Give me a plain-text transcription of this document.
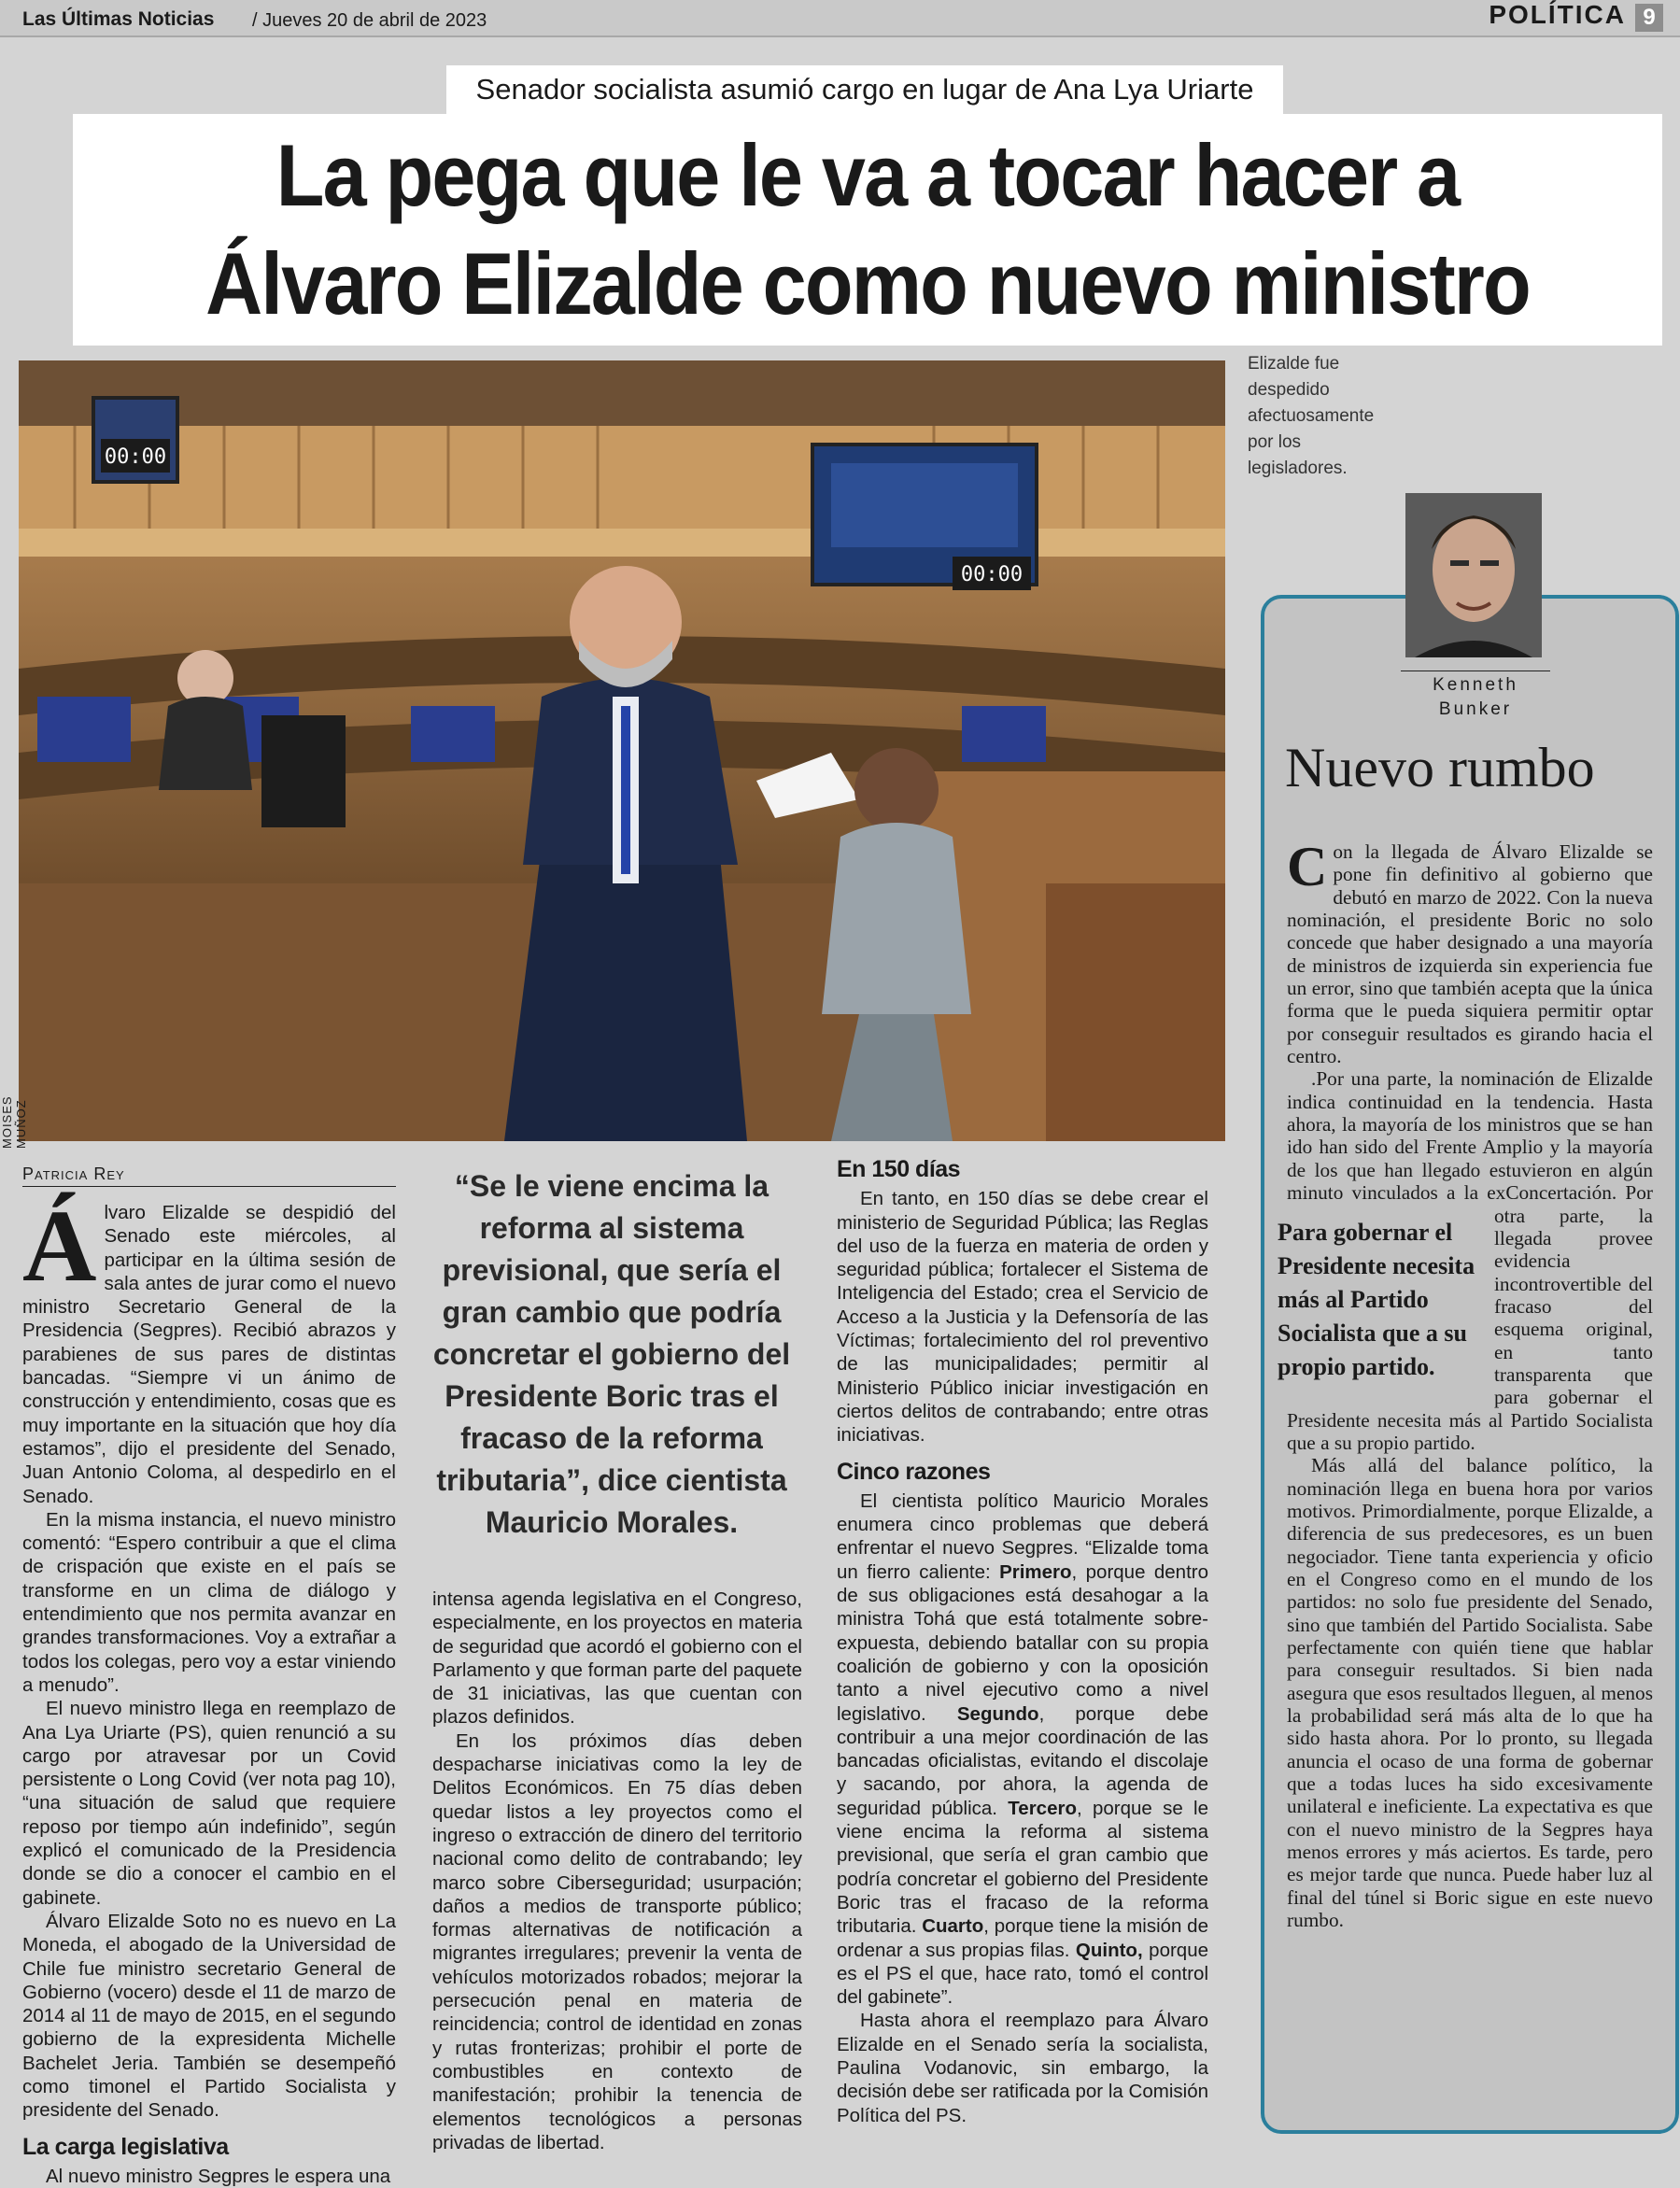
Las Últimas Noticias / Jueves 20 de abril de 2023	POLÍTICA 9
Senador socialista asumió cargo en lugar de Ana Lya Uriarte
La pega que le va a tocar hacer a Álvaro Elizalde como nuevo ministro
00:00
00:00
MOISES MUÑOZ
Elizalde fue despedido afectuosamente por los legisladores.
Patricia Rey

Álvaro Elizalde se despidió del Senado este miércoles, al participar en la última sesión de sala antes de jurar como el nuevo ministro Secretario General de la Presidencia (Segpres). Recibió abrazos y parabienes de sus pares de distintas bancadas. “Siempre vi un ánimo de construcción y entendimiento, cosas que es muy importante en la situación que hoy día estamos”, dijo el presidente del Senado, Juan Antonio Coloma, al despedirlo en el Senado.

En la misma instancia, el nuevo ministro comentó: “Espero contribuir a que el clima de crispación que existe en el país se transforme en un clima de diálogo y entendimiento que nos permita avanzar en grandes transformaciones. Voy a extrañar a todos los colegas, pero voy a estar viniendo a menudo”.

El nuevo ministro llega en reemplazo de Ana Lya Uriarte (PS), quien renunció a su cargo por atravesar por un Covid persistente o Long Covid (ver nota pag 10), “una situación de salud que requiere reposo por tiempo aún indefinido”, según explicó el comunicado de la Presidencia donde se dio a conocer el cambio en el gabinete.

Álvaro Elizalde Soto no es nuevo en La Moneda, el abogado de la Universidad de Chile fue ministro secretario General de Gobierno (vocero) desde el 11 de marzo de 2014 al 11 de mayo de 2015, en el segundo gobierno de la expresidenta Michelle Bachelet Jeria. También se desempeñó como timonel el Partido Socialista y presidente del Senado.

La carga legislativa

Al nuevo ministro Segpres le espera una

“Se le viene encima la reforma al sistema previsional, que sería el gran cambio que podría concretar el gobierno del Presidente Boric tras el fracaso de la reforma tributaria”, dice cientista Mauricio Morales.

intensa agenda legislativa en el Congreso, especialmente, en los proyectos en materia de seguridad que acordó el gobierno con el Parlamento y que forman parte del paquete de 31 iniciativas, las que cuentan con plazos definidos.

En los próximos días deben despacharse iniciativas como la ley de Delitos Económicos. En 75 días deben quedar listos a ley proyectos como el ingreso o extracción de dinero del territorio nacional como delito de contrabando; ley marco sobre Ciberseguridad; usurpación; daños a medios de transporte público; formas alternativas de notificación a migrantes irregulares; prevenir la venta de vehículos motorizados robados; mejorar la persecución penal en materia de reincidencia; control de identidad en zonas y rutas fronterizas; prohibir el porte de combustibles en contexto de manifestación; prohibir la tenencia de elementos tecnológicos a personas privadas de libertad.

En 150 días

En tanto, en 150 días se debe crear el ministerio de Seguridad Pública; las Reglas del uso de la fuerza en materia de orden y seguridad pública; fortalecer el Sistema de Inteligencia del Estado; crea el Servicio de Acceso a la Justicia y la Defensoría de las Víctimas; fortalecimiento del rol preventivo de las municipalidades; permitir al Ministerio Público iniciar investigación en ciertos delitos de contrabando; entre otras iniciativas.

Cinco razones

El cientista político Mauricio Morales enumera cinco problemas que deberá enfrentar el nuevo Segpres. “Elizalde toma un fierro caliente: Primero, porque dentro de sus obligaciones está desahogar a la ministra Tohá que está totalmente sobre-expuesta, debiendo batallar con su propia coalición de gobierno y con la oposición tanto a nivel ejecutivo como a nivel legislativo. Segundo, porque debe contribuir a una mejor coordinación de las bancadas oficialistas, evitando el discolaje y sacando, por ahora, la agenda de seguridad pública. Tercero, porque se le viene encima la reforma al sistema previsional, que sería el gran cambio que podría concretar el gobierno del Presidente Boric tras el fracaso de la reforma tributaria. Cuarto, porque tiene la misión de ordenar a sus propias filas. Quinto, porque es el PS el que, hace rato, tomó el control del gabinete”.

Hasta ahora el reemplazo para Álvaro Elizalde en el Senado sería la socialista, Paulina Vodanovic, sin embargo, la decisión debe ser ratificada por la Comisión Política del PS.

Kenneth Bunker
Nuevo rumbo

Con la llegada de Álvaro Elizalde se pone fin definitivo al gobierno que debutó en marzo de 2022. Con la nueva nominación, el presidente Boric no solo concede que haber designado a una mayoría de ministros de izquierda sin experiencia fue un error, sino que también acepta que la única forma que le pueda siquiera permitir optar por conseguir resultados es girando hacia el centro.

.Por una parte, la nominación de Elizalde indica continuidad en la tendencia. Hasta ahora, la mayoría de los ministros que se han ido han sido del Frente Amplio y la mayoría de los que han llegado estuvieron en algún minuto vinculados a la exConcertación.
Para gobernar el Presidente necesita más al Partido Socialista que a su propio partido.
Por otra parte, la llegada provee evidencia incontrovertible del fracaso del esquema original, en tanto transparenta que para gobernar el Presidente necesita más al Partido Socialista que a su propio partido.

Más allá del balance político, la nominación llega en buena hora por varios motivos. Primordialmente, porque Elizalde, a diferencia de sus predecesores, es un buen negociador. Tiene tanta experiencia y oficio en el Congreso como en el mundo de los partidos: no solo fue presidente del Senado, sino que también del Partido Socialista. Sabe perfectamente con quién tiene que hablar para conseguir resultados. Si bien nada asegura que esos resultados lleguen, al menos la probabilidad será más alta de lo que ha sido hasta ahora. Por lo pronto, su llegada anuncia el ocaso de una forma de gobernar que a todas luces ha sido excesivamente unilateral e ineficiente. La expectativa es que con el nuevo ministro de la Segpres haya menos errores y más aciertos. Es tarde, pero es mejor tarde que nunca. Puede haber luz al final del túnel si Boric sigue en este nuevo rumbo.
